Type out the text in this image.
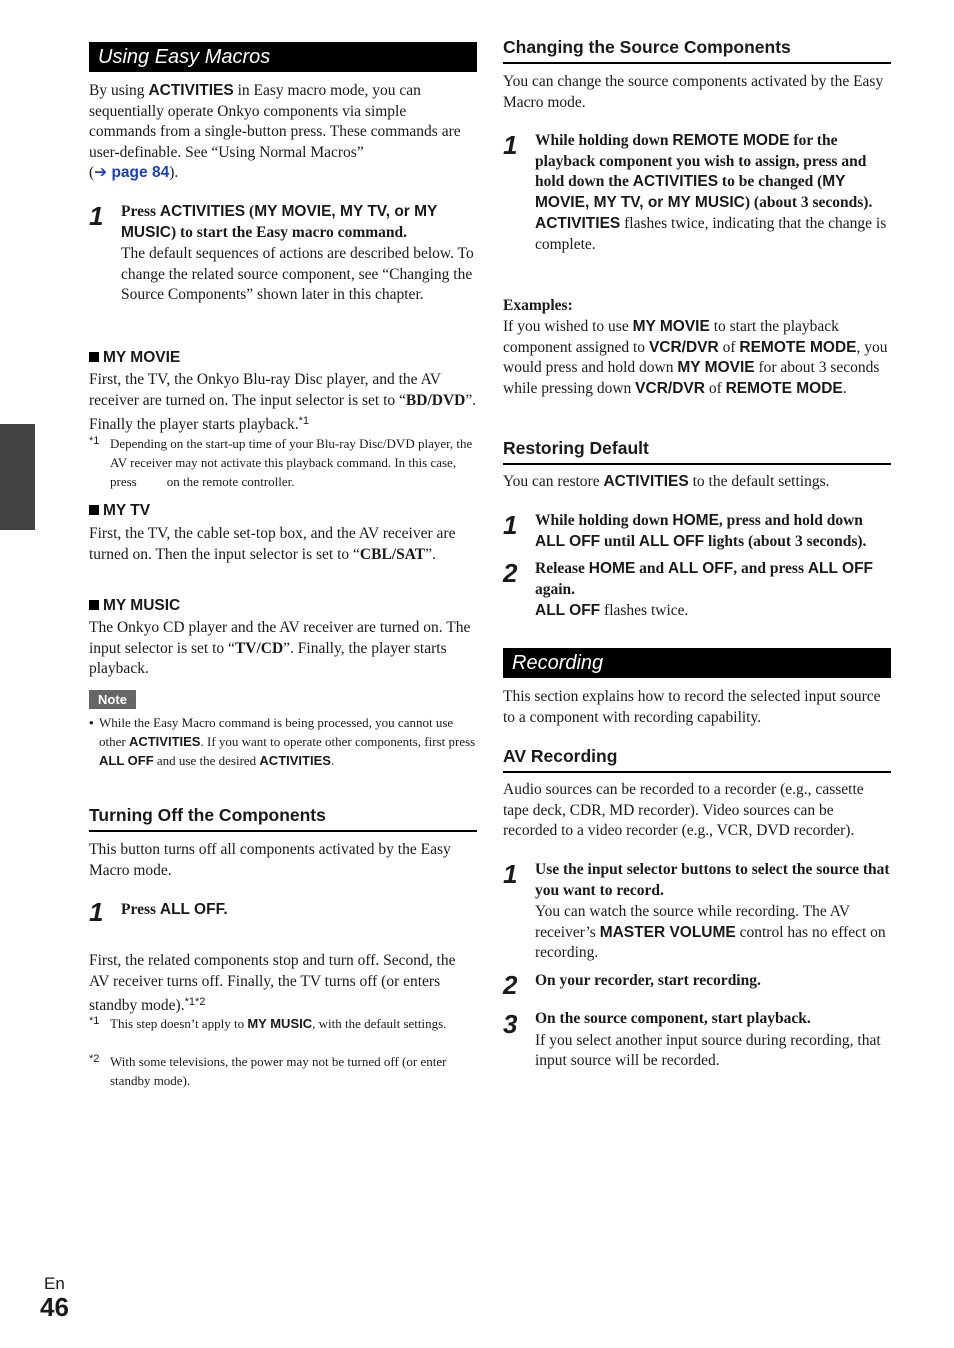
Using Easy Macros
By using ACTIVITIES in Easy macro mode, you can sequentially operate Onkyo components via simple commands from a single-button press. These commands are user-definable. See “Using Normal Macros”
(➔ page 84).
1 Press ACTIVITIES (MY MOVIE, MY TV, or MY MUSIC) to start the Easy macro command.
The default sequences of actions are described below. To change the related source component, see “Changing the Source Components” shown later in this chapter.
MY MOVIE
First, the TV, the Onkyo Blu-ray Disc player, and the AV receiver are turned on. The input selector is set to “BD/DVD”. Finally the player starts playback.$^{*1}$
*1 Depending on the start-up time of your Blu-ray Disc/DVD player, the AV receiver may not activate this playback command. In this case, press on the remote controller.
MY TV
First, the TV, the cable set-top box, and the AV receiver are turned on. Then the input selector is set to “CBL/SAT”.
MY MUSIC
The Onkyo CD player and the AV receiver are turned on. The input selector is set to “TV/CD”. Finally, the player starts playback.
Note
• While the Easy Macro command is being processed, you cannot use other ACTIVITIES. If you want to operate other components, first press ALL OFF and use the desired ACTIVITIES.
Turning Off the Components
This button turns off all components activated by the Easy Macro mode.
1 Press ALL OFF.
First, the related components stop and turn off. Second, the AV receiver turns off. Finally, the TV turns off (or enters standby mode).$^{*1*2}$
*1 This step doesn’t apply to MY MUSIC, with the default settings.
*2 With some televisions, the power may not be turned off (or enter standby mode).
Changing the Source Components
You can change the source components activated by the Easy Macro mode.
1 While holding down REMOTE MODE for the playback component you wish to assign, press and hold down the ACTIVITIES to be changed (MY MOVIE, MY TV, or MY MUSIC) (about 3 seconds).
ACTIVITIES flashes twice, indicating that the change is complete.
Examples:
If you wished to use MY MOVIE to start the playback component assigned to VCR/DVR of REMOTE MODE, you would press and hold down MY MOVIE for about 3 seconds while pressing down VCR/DVR of REMOTE MODE.
Restoring Default
You can restore ACTIVITIES to the default settings.
1 While holding down HOME, press and hold down ALL OFF until ALL OFF lights (about 3 seconds).
2 Release HOME and ALL OFF, and press ALL OFF again.
ALL OFF flashes twice.
Recording
This section explains how to record the selected input source to a component with recording capability.
AV Recording
Audio sources can be recorded to a recorder (e.g., cassette tape deck, CDR, MD recorder). Video sources can be recorded to a video recorder (e.g., VCR, DVD recorder).
1 Use the input selector buttons to select the source that you want to record.
You can watch the source while recording. The AV receiver’s MASTER VOLUME control has no effect on recording.
2 On your recorder, start recording.
3 On the source component, start playback.
If you select another input source during recording, that input source will be recorded.
En
46
